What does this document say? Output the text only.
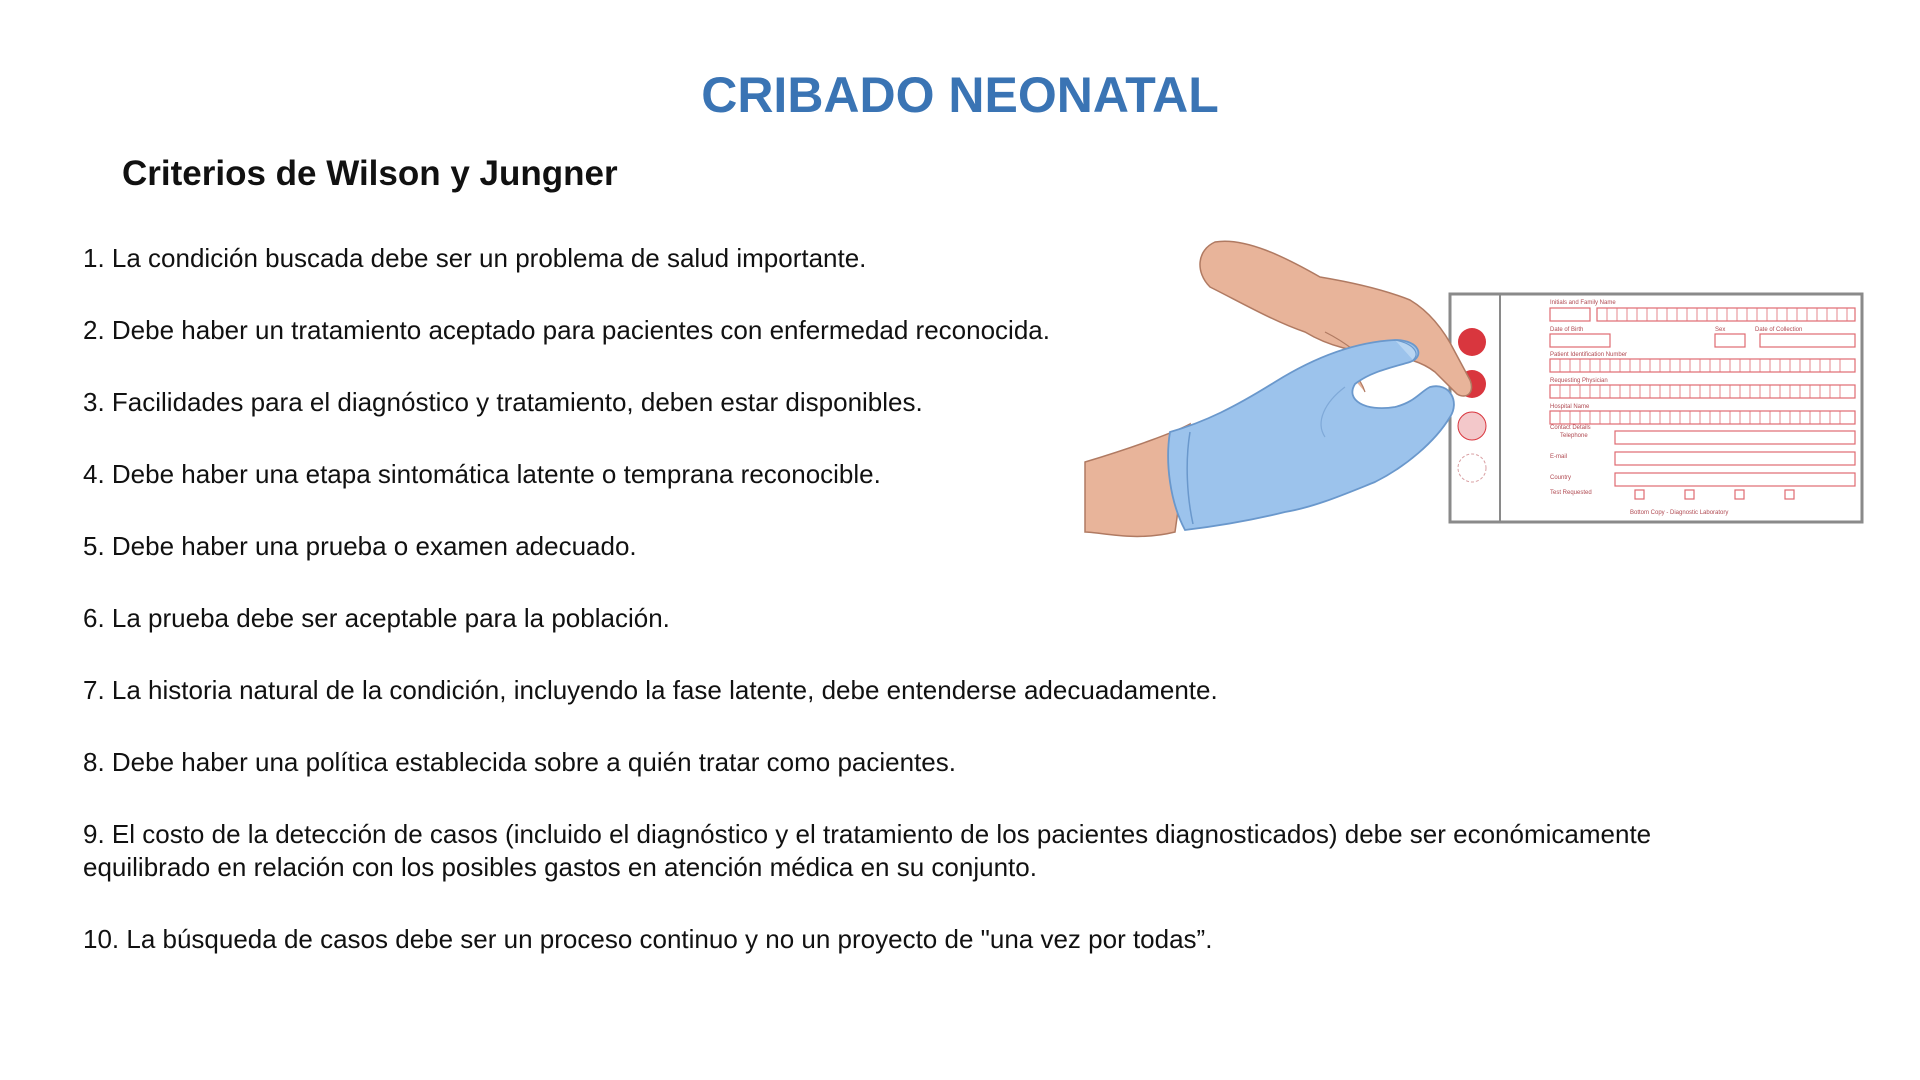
CRIBADO NEONATAL
Criterios de Wilson y Jungner
1. La condición buscada debe ser un problema de salud importante.
2. Debe haber un tratamiento aceptado para pacientes con enfermedad reconocida.
3. Facilidades para el diagnóstico y tratamiento, deben estar disponibles.
4. Debe haber una etapa sintomática latente o temprana reconocible.
5. Debe haber una prueba o examen adecuado.
6. La prueba debe ser aceptable para la población.
7. La historia natural de la condición, incluyendo la fase latente, debe entenderse adecuadamente.
8. Debe haber una política establecida sobre a quién tratar como pacientes.
9. El costo de la detección de casos (incluido el diagnóstico y el tratamiento de los pacientes diagnosticados) debe ser económicamente equilibrado en relación con los posibles gastos en atención médica en su conjunto.
10. La búsqueda de casos debe ser un proceso continuo y no un proyecto de "una vez por todas”.
Initials and Family Name
Date of Birth	Sex	Date of Collection
Patient Identification Number
Requesting Physician
Hospital Name
Contact Details
Telephone
E-mail
Country
Test Requested
Bottom Copy - Diagnostic Laboratory
